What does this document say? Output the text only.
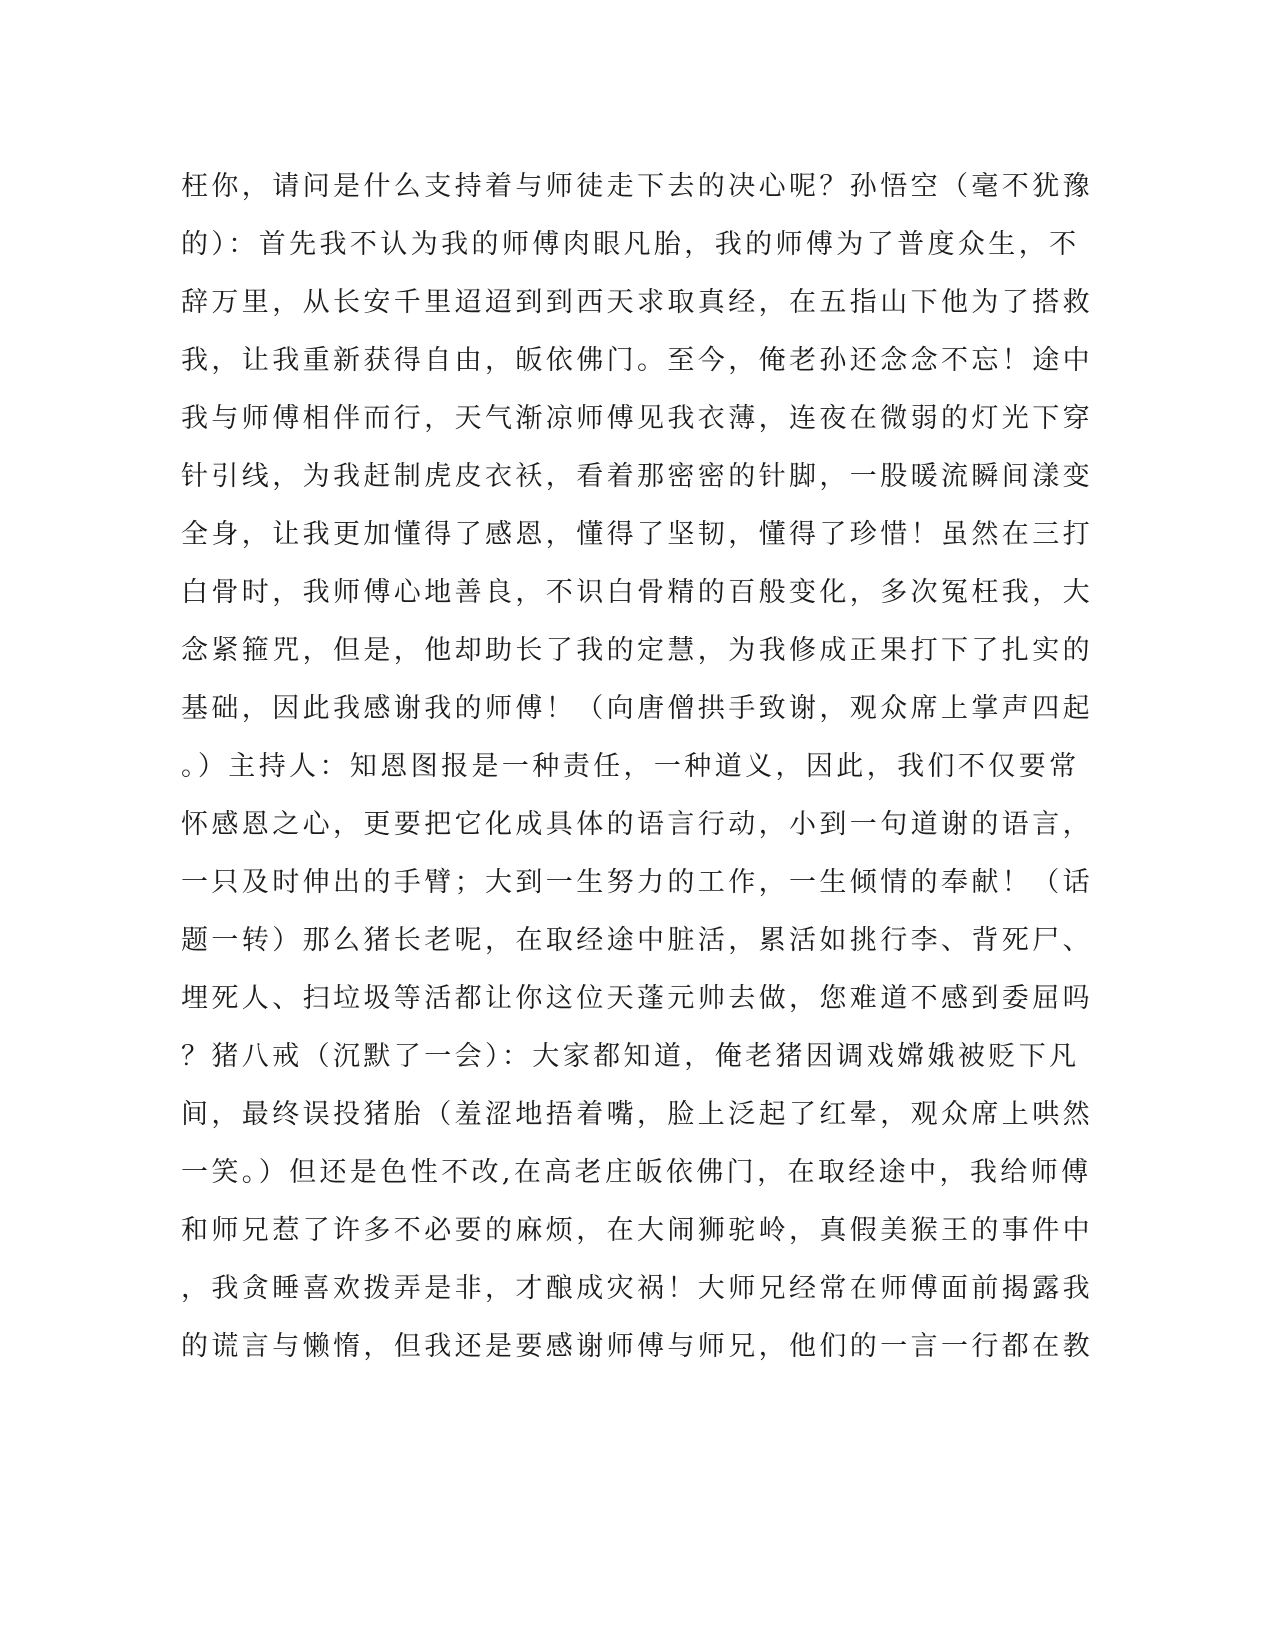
枉你，请问是什么支持着与师徒走下去的决心呢？孙悟空（毫不犹豫
的）：首先我不认为我的师傅肉眼凡胎，我的师傅为了普度众生，不
辞万里，从长安千里迢迢到到西天求取真经，在五指山下他为了搭救
我，让我重新获得自由，皈依佛门。至今，俺老孙还念念不忘！途中
我与师傅相伴而行，天气渐凉师傅见我衣薄，连夜在微弱的灯光下穿
针引线，为我赶制虎皮衣袄，看着那密密的针脚，一股暖流瞬间漾变
全身，让我更加懂得了感恩，懂得了坚韧，懂得了珍惜！虽然在三打
白骨时，我师傅心地善良，不识白骨精的百般变化，多次冤枉我，大
念紧箍咒，但是，他却助长了我的定慧，为我修成正果打下了扎实的
基础，因此我感谢我的师傅！（向唐僧拱手致谢，观众席上掌声四起
。）主持人：知恩图报是一种责任，一种道义，因此，我们不仅要常
怀感恩之心，更要把它化成具体的语言行动，小到一句道谢的语言，
一只及时伸出的手臂；大到一生努力的工作，一生倾情的奉献！（话
题一转）那么猪长老呢，在取经途中脏活，累活如挑行李、背死尸、
埋死人、扫垃圾等活都让你这位天蓬元帅去做，您难道不感到委屈吗
？猪八戒（沉默了一会）：大家都知道，俺老猪因调戏嫦娥被贬下凡
间，最终误投猪胎（羞涩地捂着嘴，脸上泛起了红晕，观众席上哄然
一笑。）但还是色性不改,在高老庄皈依佛门，在取经途中，我给师傅
和师兄惹了许多不必要的麻烦，在大闹狮驼岭，真假美猴王的事件中
，我贪睡喜欢拨弄是非，才酿成灾祸！大师兄经常在师傅面前揭露我
的谎言与懒惰，但我还是要感谢师傅与师兄，他们的一言一行都在教
